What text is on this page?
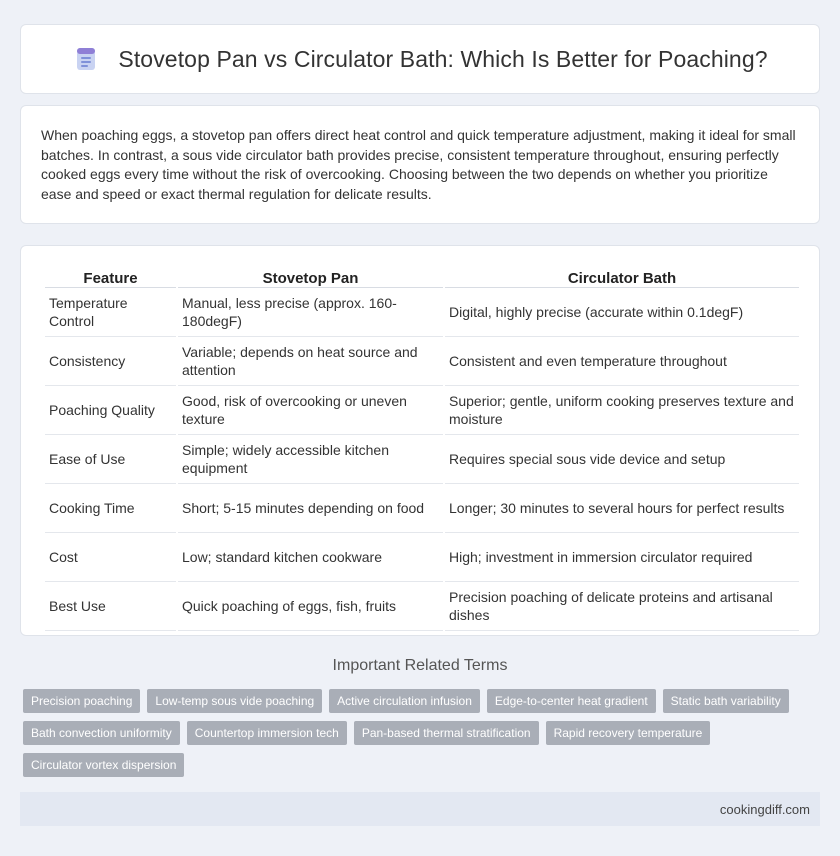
Stovetop Pan vs Circulator Bath: Which Is Better for Poaching?

When poaching eggs, a stovetop pan offers direct heat control and quick temperature adjustment, making it ideal for small batches. In contrast, a sous vide circulator bath provides precise, consistent temperature throughout, ensuring perfectly cooked eggs every time without the risk of overcooking. Choosing between the two depends on whether you prioritize ease and speed or exact thermal regulation for delicate results.

Feature	Stovetop Pan	Circulator Bath
Temperature Control	Manual, less precise (approx. 160-180degF)	Digital, highly precise (accurate within 0.1degF)
Consistency	Variable; depends on heat source and attention	Consistent and even temperature throughout
Poaching Quality	Good, risk of overcooking or uneven texture	Superior; gentle, uniform cooking preserves texture and moisture
Ease of Use	Simple; widely accessible kitchen equipment	Requires special sous vide device and setup
Cooking Time	Short; 5-15 minutes depending on food	Longer; 30 minutes to several hours for perfect results
Cost	Low; standard kitchen cookware	High; investment in immersion circulator required
Best Use	Quick poaching of eggs, fish, fruits	Precision poaching of delicate proteins and artisanal dishes
Important Related Terms
Precision poaching	Low-temp sous vide poaching	Active circulation infusion	Edge-to-center heat gradient	Static bath variability
Bath convection uniformity	Countertop immersion tech	Pan-based thermal stratification	Rapid recovery temperature
Circulator vortex dispersion
cookingdiff.com
